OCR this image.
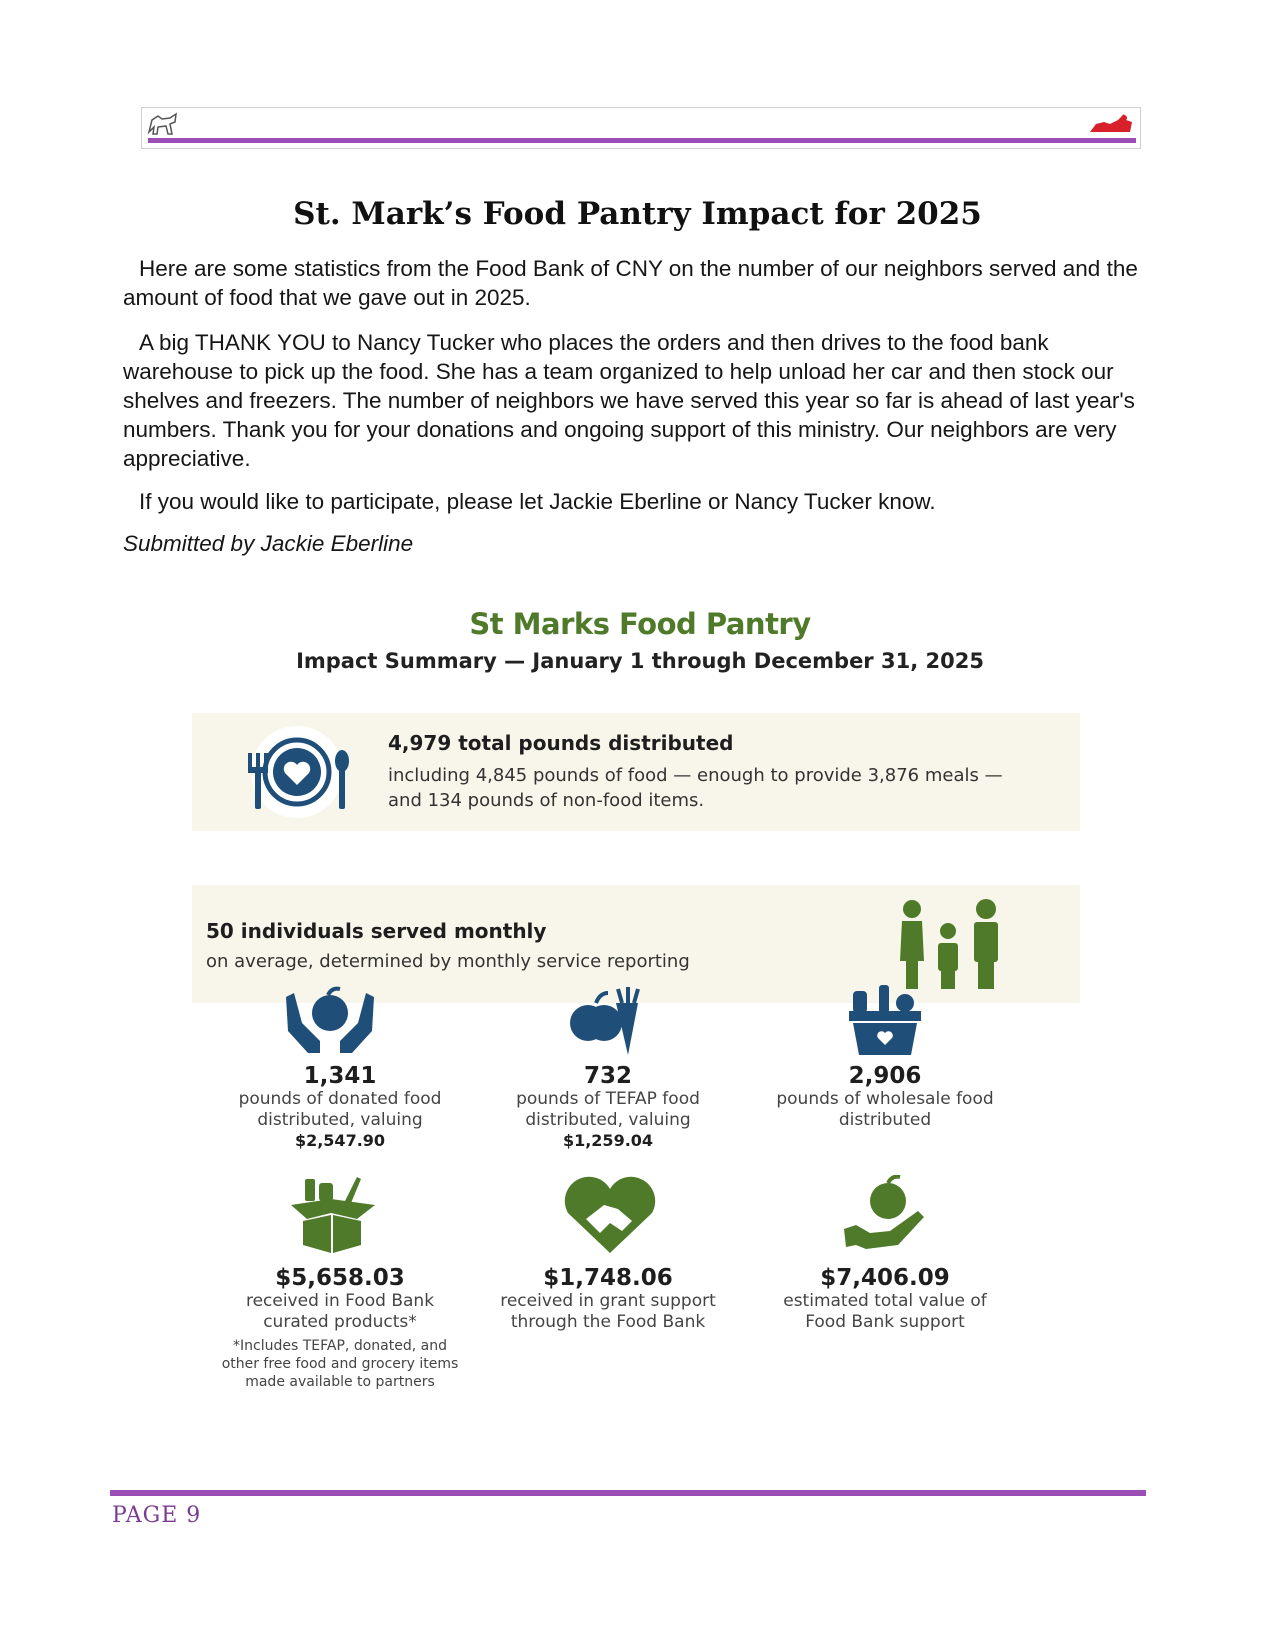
St. Mark’s Food Pantry Impact for 2025
Here are some statistics from the Food Bank of CNY on the number of our neighbors served and the amount of food that we gave out in 2025.
A big THANK YOU to Nancy Tucker who places the orders and then drives to the food bank warehouse to pick up the food. She has a team organized to help unload her car and then stock our shelves and freezers. The number of neighbors we have served this year so far is ahead of last year's numbers. Thank you for your donations and ongoing support of this ministry. Our neighbors are very appreciative.
If you would like to participate, please let Jackie Eberline or Nancy Tucker know.
Submitted by Jackie Eberline
St Marks Food Pantry
Impact Summary — January 1 through December 31, 2025
4,979 total pounds distributed
including 4,845 pounds of food — enough to provide 3,876 meals —
and 134 pounds of non-food items.
50 individuals served monthly
on average, determined by monthly service reporting
1,341
pounds of donated food
distributed, valuing
$2,547.90
732
pounds of TEFAP food
distributed, valuing
$1,259.04
2,906
pounds of wholesale food
distributed
$5,658.03
received in Food Bank
curated products*
*Includes TEFAP, donated, and
other free food and grocery items
made available to partners
$1,748.06
received in grant support
through the Food Bank
$7,406.09
estimated total value of
Food Bank support
PAGE 9
